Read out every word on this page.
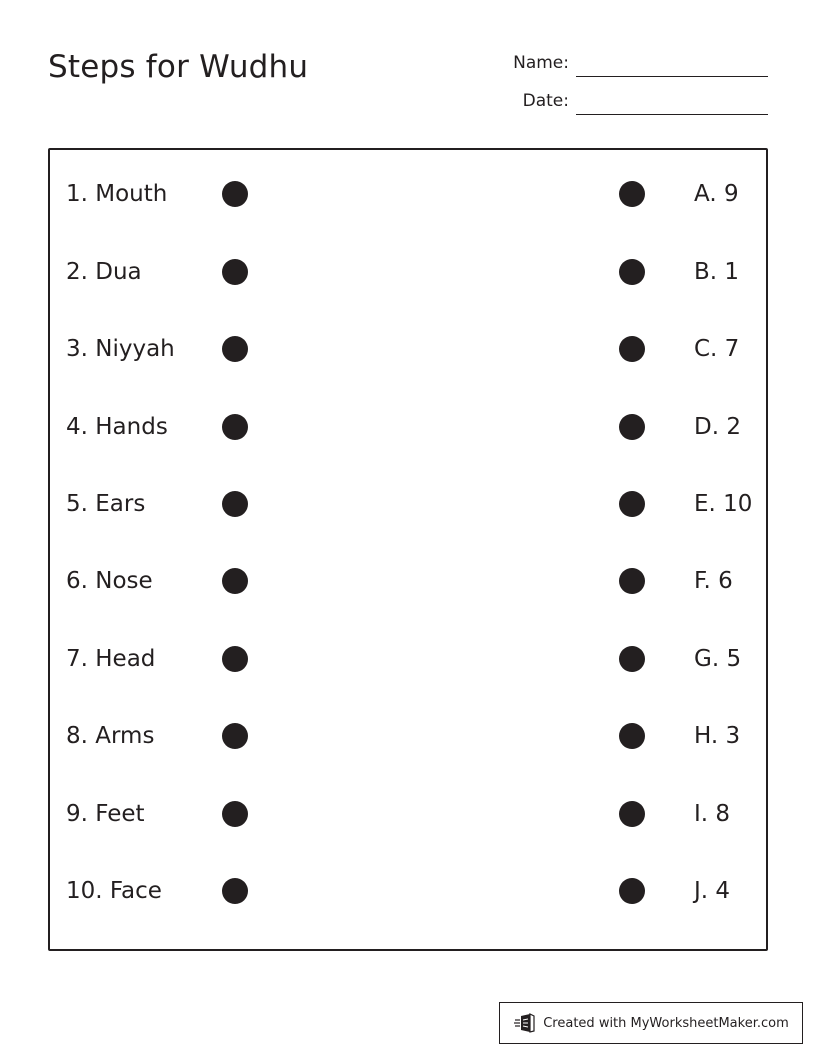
Steps for Wudhu	Name:
Date:
1. Mouth	A. 9
2. Dua	B. 1
3. Niyyah	C. 7
4. Hands	D. 2
5. Ears	E. 10
6. Nose	F. 6
7. Head	G. 5
8. Arms	H. 3
9. Feet	I. 8
10. Face	J. 4
Created with MyWorksheetMaker.com
